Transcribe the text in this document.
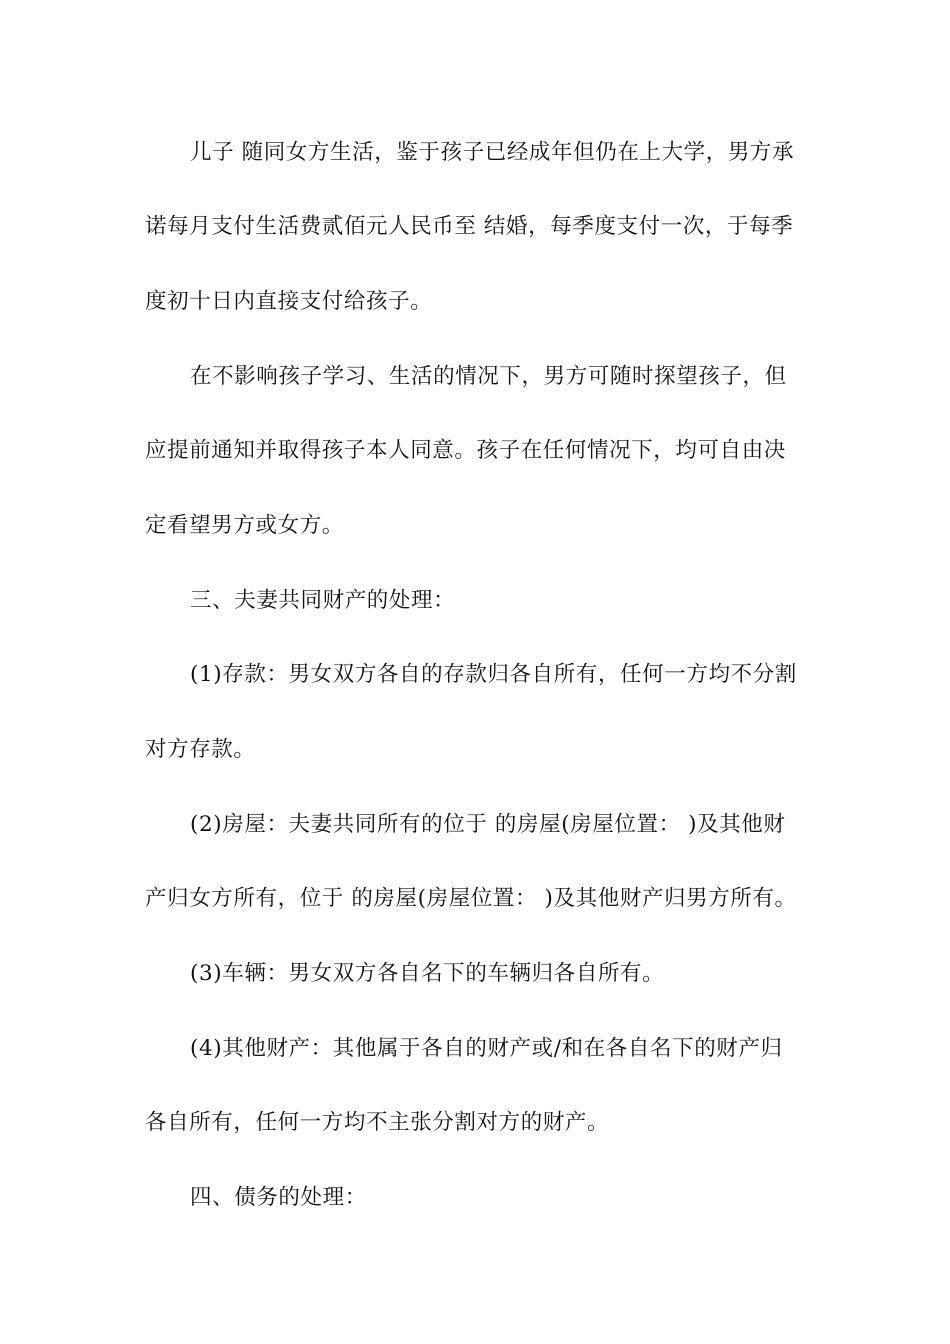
儿子 随同女方生活，鉴于孩子已经成年但仍在上大学，男方承
诺每月支付生活费贰佰元人民币至 结婚，每季度支付一次，于每季
度初十日内直接支付给孩子。
在不影响孩子学习、生活的情况下，男方可随时探望孩子，但
应提前通知并取得孩子本人同意。孩子在任何情况下，均可自由决
定看望男方或女方。
三、夫妻共同财产的处理：
(1)存款：男女双方各自的存款归各自所有，任何一方均不分割
对方存款。
(2)房屋：夫妻共同所有的位于 的房屋(房屋位置： )及其他财
产归女方所有，位于 的房屋(房屋位置： )及其他财产归男方所有。
(3)车辆：男女双方各自名下的车辆归各自所有。
(4)其他财产：其他属于各自的财产或/和在各自名下的财产归
各自所有，任何一方均不主张分割对方的财产。
四、债务的处理：
